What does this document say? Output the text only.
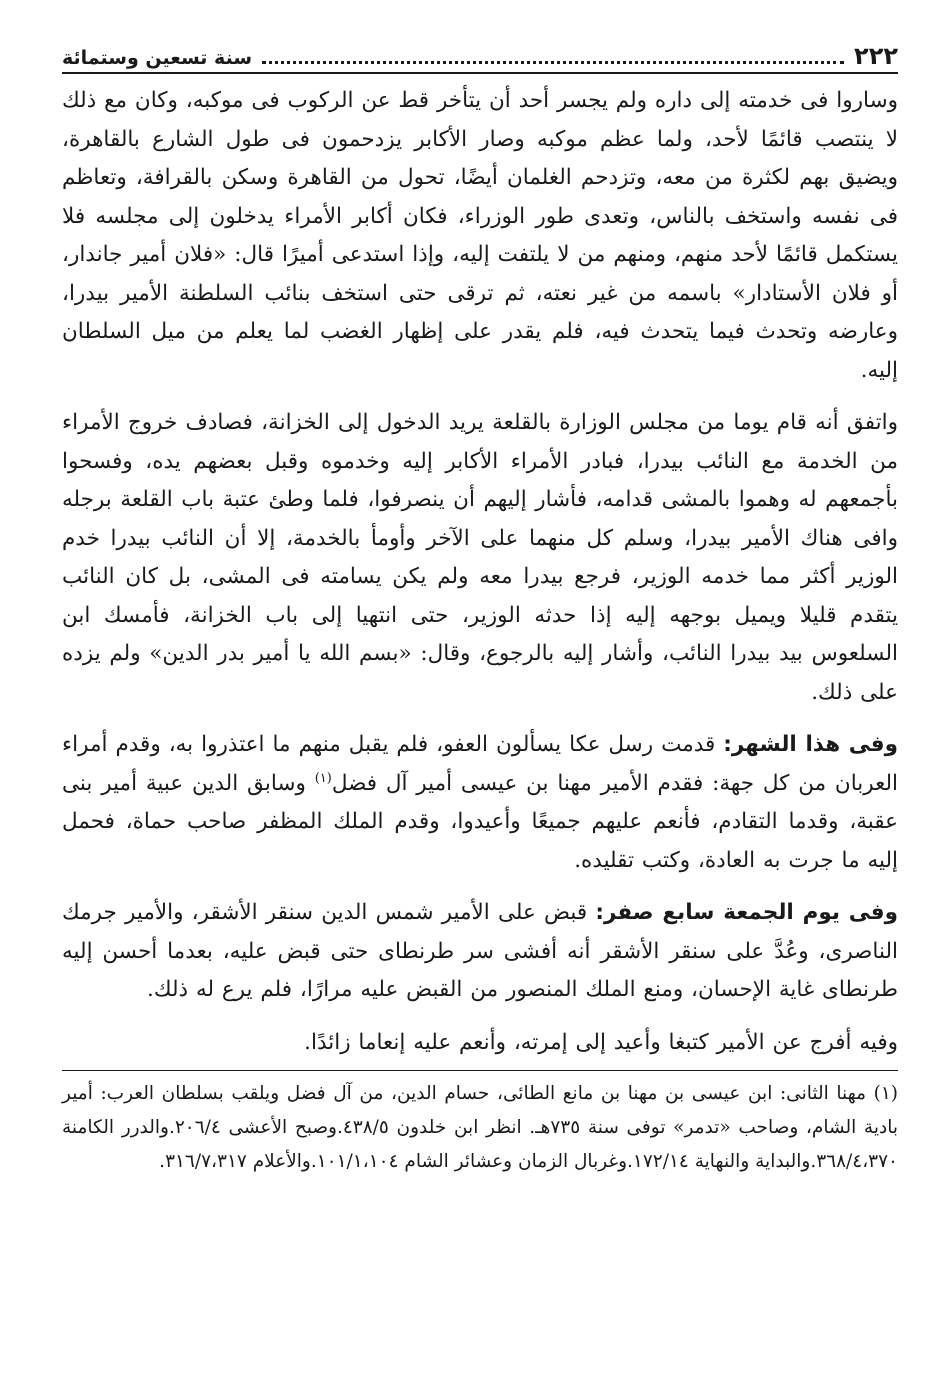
٢٢٢
سنة تسعين وستمائة

وساروا فى خدمته إلى داره ولم يجسر أحد أن يتأخر قط عن الركوب فى موكبه، وكان مع ذلك لا ينتصب قائمًا لأحد، ولما عظم موكبه وصار الأكابر يزدحمون فى طول الشارع بالقاهرة، ويضيق بهم لكثرة من معه، وتزدحم الغلمان أيضًا، تحول من القاهرة وسكن بالقرافة، وتعاظم فى نفسه واستخف بالناس، وتعدى طور الوزراء، فكان أكابر الأمراء يدخلون إلى مجلسه فلا يستكمل قائمًا لأحد منهم، ومنهم من لا يلتفت إليه، وإذا استدعى أميرًا قال: «فلان أمير جاندار، أو فلان الأستادار» باسمه من غير نعته، ثم ترقى حتى استخف بنائب السلطنة الأمير بيدرا، وعارضه وتحدث فيما يتحدث فيه، فلم يقدر على إظهار الغضب لما يعلم من ميل السلطان إليه.

واتفق أنه قام يوما من مجلس الوزارة بالقلعة يريد الدخول إلى الخزانة، فصادف خروج الأمراء من الخدمة مع النائب بيدرا، فبادر الأمراء الأكابر إليه وخدموه وقبل بعضهم يده، وفسحوا بأجمعهم له وهموا بالمشى قدامه، فأشار إليهم أن ينصرفوا، فلما وطئ عتبة باب القلعة برجله وافى هناك الأمير بيدرا، وسلم كل منهما على الآخر وأومأ بالخدمة، إلا أن النائب بيدرا خدم الوزير أكثر مما خدمه الوزير، فرجع بيدرا معه ولم يكن يسامته فى المشى، بل كان النائب يتقدم قليلا ويميل بوجهه إليه إذا حدثه الوزير، حتى انتهيا إلى باب الخزانة، فأمسك ابن السلعوس بيد بيدرا النائب، وأشار إليه بالرجوع، وقال: «بسم الله يا أمير بدر الدين» ولم يزده على ذلك.

وفى هذا الشهر: قدمت رسل عكا يسألون العفو، فلم يقبل منهم ما اعتذروا به، وقدم أمراء العربان من كل جهة: فقدم الأمير مهنا بن عيسى أمير آل فضل$^{(١)}$ وسابق الدين عبية أمير بنى عقبة، وقدما التقادم، فأنعم عليهم جميعًا وأعيدوا، وقدم الملك المظفر صاحب حماة، فحمل إليه ما جرت به العادة، وكتب تقليده.

وفى يوم الجمعة سابع صفر: قبض على الأمير شمس الدين سنقر الأشقر، والأمير جرمك الناصرى، وعُدَّ على سنقر الأشقر أنه أفشى سر طرنطاى حتى قبض عليه، بعدما أحسن إليه طرنطاى غاية الإحسان، ومنع الملك المنصور من القبض عليه مرارًا، فلم يرع له ذلك.

وفيه أفرج عن الأمير كتبغا وأعيد إلى إمرته، وأنعم عليه إنعاما زائدًا.

(١) مهنا الثانى: ابن عيسى بن مهنا بن مانع الطائى، حسام الدين، من آل فضل ويلقب بسلطان العرب: أمير بادية الشام، وصاحب «تدمر» توفى سنة ٧٣٥هـ. انظر ابن خلدون ٤٣٨/٥.وصبح الأعشى ٢٠٦/٤.والدرر الكامنة ٣٦٨/٤،٣٧٠.والبداية والنهاية ١٧٢/١٤.وغربال الزمان وعشائر الشام ١٠١/١،١٠٤.والأعلام ٣١٦/٧،٣١٧.
